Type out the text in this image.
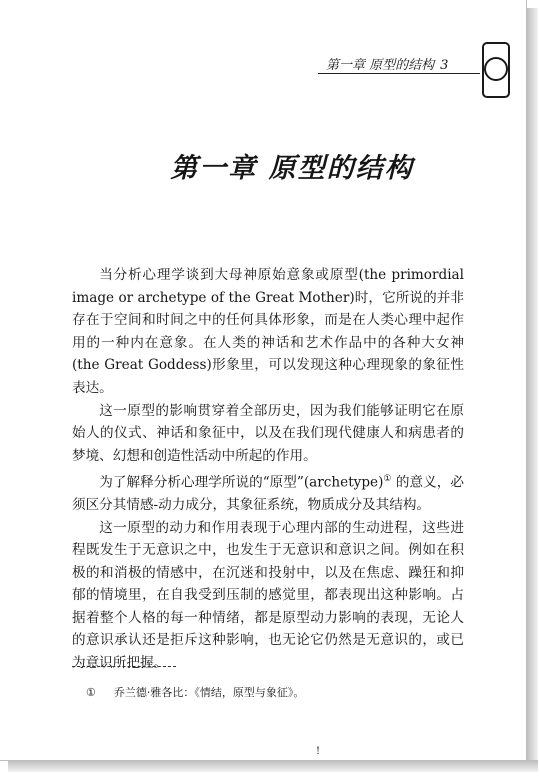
第一章 原型的结构 3
第一章 原型的结构

当分析心理学谈到大母神原始意象或原型(the primordial image or archetype of the Great Mother)时，它所说的并非存在于空间和时间之中的任何具体形象，而是在人类心理中起作用的一种内在意象。在人类的神话和艺术作品中的各种大女神(the Great Goddess)形象里，可以发现这种心理现象的象征性表达。

这一原型的影响贯穿着全部历史，因为我们能够证明它在原始人的仪式、神话和象征中，以及在我们现代健康人和病患者的梦境、幻想和创造性活动中所起的作用。

为了解释分析心理学所说的“原型”(archetype)① 的意义，必须区分其情感-动力成分，其象征系统，物质成分及其结构。

这一原型的动力和作用表现于心理内部的生动进程，这些进程既发生于无意识之中，也发生于无意识和意识之间。例如在积极的和消极的情感中，在沉迷和投射中，以及在焦虑、躁狂和抑郁的情境里，在自我受到压制的感觉里，都表现出这种影响。占据着整个人格的每一种情绪，都是原型动力影响的表现，无论人的意识承认还是拒斥这种影响，也无论它仍然是无意识的，或已为意识所把握。

① 乔兰德·雅各比：《情结，原型与象征》。
!
